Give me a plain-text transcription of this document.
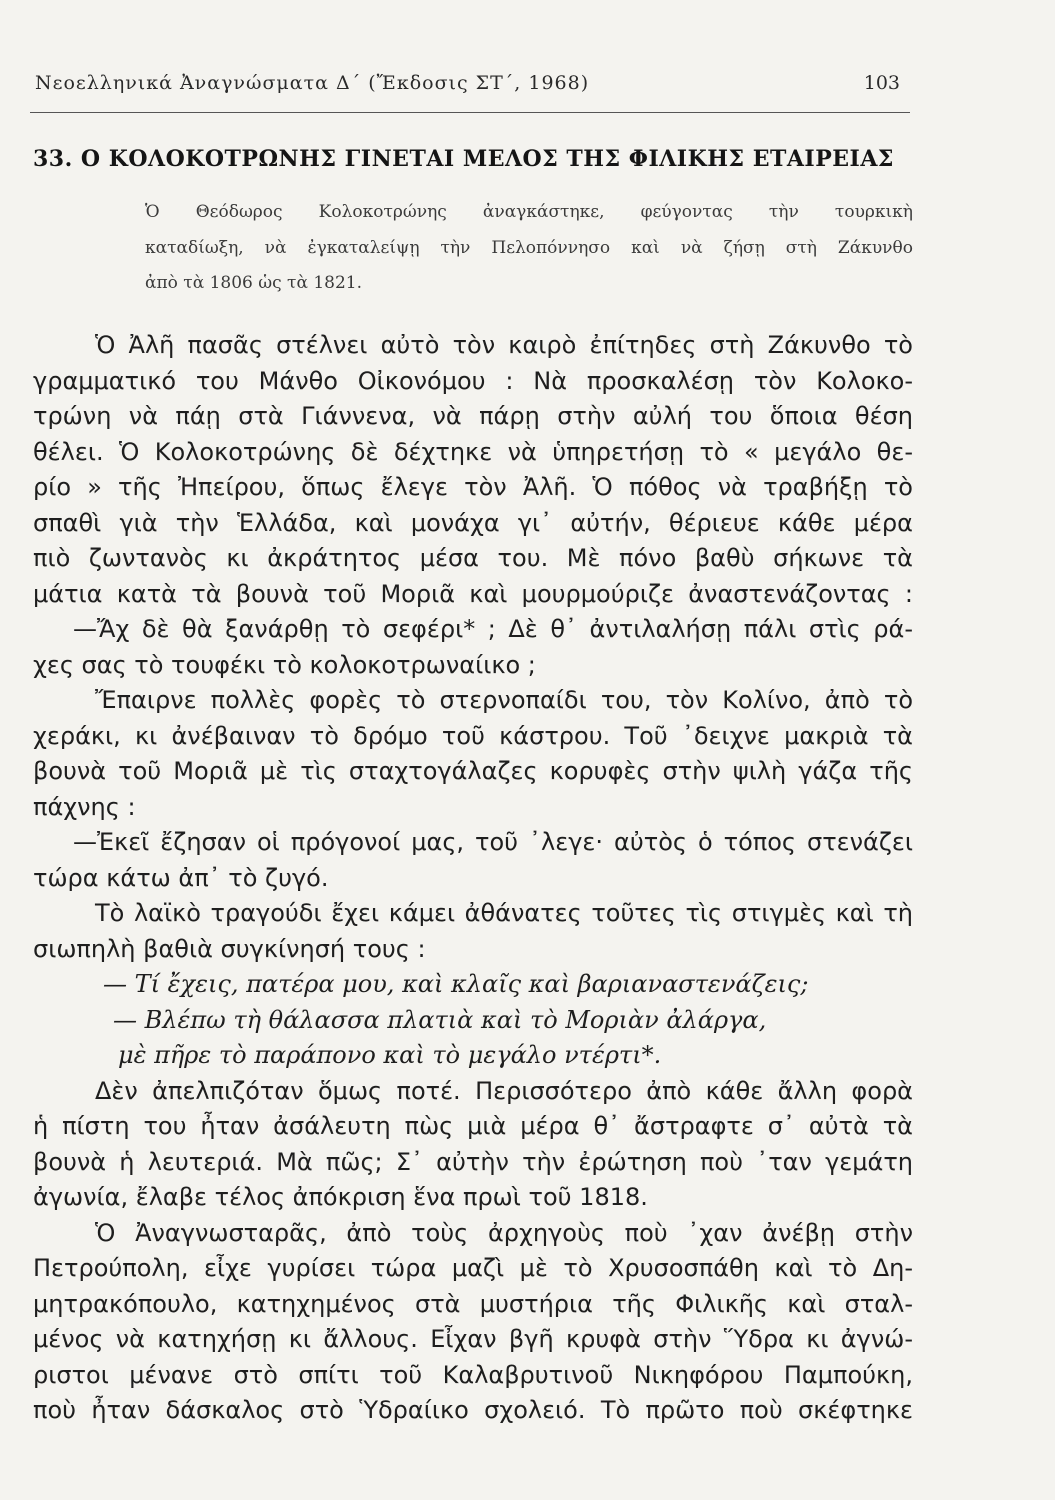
Νεοελληνικά Ἀναγνώσματα Δ΄ (Ἔκδοσις ΣΤ΄, 1968)	103
33. Ο ΚΟΛΟΚΟΤΡΩΝΗΣ ΓΙΝΕΤΑΙ ΜΕΛΟΣ ΤΗΣ ΦΙΛΙΚΗΣ ΕΤΑΙΡΕΙΑΣ
Ὁ Θεόδωρος Κολοκοτρώνης ἀναγκάστηκε, φεύγοντας τὴν τουρκικὴ
καταδίωξη, νὰ ἐγκαταλείψῃ τὴν Πελοπόννησο καὶ νὰ ζήσῃ στὴ Ζάκυνθο
ἀπὸ τὰ 1806 ὡς τὰ 1821.
Ὁ Ἀλῆ πασᾶς στέλνει αὐτὸ τὸν καιρὸ ἐπίτηδες στὴ Ζάκυνθο τὸ
γραμματικό του Μάνθο Οἰκονόμου : Νὰ προσκαλέσῃ τὸν Κολοκο-
τρώνη νὰ πάῃ στὰ Γιάννενα, νὰ πάρῃ στὴν αὐλή του ὅποια θέση
θέλει. Ὁ Κολοκοτρώνης δὲ δέχτηκε νὰ ὑπηρετήσῃ τὸ « μεγάλο θε-
ρίο » τῆς Ἠπείρου, ὅπως ἔλεγε τὸν Ἀλῆ. Ὁ πόθος νὰ τραβήξῃ τὸ
σπαθὶ γιὰ τὴν Ἑλλάδα, καὶ μονάχα γι᾿ αὐτήν, θέριευε κάθε μέρα
πιὸ ζωντανὸς κι ἀκράτητος μέσα του. Μὲ πόνο βαθὺ σήκωνε τὰ
μάτια κατὰ τὰ βουνὰ τοῦ Μοριᾶ καὶ μουρμούριζε ἀναστενάζοντας :
—Ἄχ δὲ θὰ ξανάρθῃ τὸ σεφέρι* ; Δὲ θ᾿ ἀντιλαλήσῃ πάλι στὶς ρά-
χες σας τὸ τουφέκι τὸ κολοκοτρωναίικο ;
Ἔπαιρνε πολλὲς φορὲς τὸ στερνοπαίδι του, τὸν Κολίνο, ἀπὸ τὸ
χεράκι, κι ἀνέβαιναν τὸ δρόμο τοῦ κάστρου. Τοῦ ᾿δειχνε μακριὰ τὰ
βουνὰ τοῦ Μοριᾶ μὲ τὶς σταχτογάλαζες κορυφὲς στὴν ψιλὴ γάζα τῆς
πάχνης :
—Ἐκεῖ ἔζησαν οἱ πρόγονοί μας, τοῦ ᾿λεγε· αὐτὸς ὁ τόπος στενάζει
τώρα κάτω ἀπ᾿ τὸ ζυγό.
Τὸ λαϊκὸ τραγούδι ἔχει κάμει ἀθάνατες τοῦτες τὶς στιγμὲς καὶ τὴ
σιωπηλὴ βαθιὰ συγκίνησή τους :
— Τί ἔχεις, πατέρα μου, καὶ κλαῖς καὶ βαριαναστενάζεις;
— Βλέπω τὴ θάλασσα πλατιὰ καὶ τὸ Μοριὰν ἀλάργα,
μὲ πῆρε τὸ παράπονο καὶ τὸ μεγάλο ντέρτι*.
Δὲν ἀπελπιζόταν ὅμως ποτέ. Περισσότερο ἀπὸ κάθε ἄλλη φορὰ
ἡ πίστη του ἦταν ἀσάλευτη πὼς μιὰ μέρα θ᾿ ἄστραφτε σ᾿ αὐτὰ τὰ
βουνὰ ἡ λευτεριά. Μὰ πῶς; Σ᾿ αὐτὴν τὴν ἐρώτηση ποὺ ᾿ταν γεμάτη
ἀγωνία, ἔλαβε τέλος ἀπόκριση ἕνα πρωὶ τοῦ 1818.
Ὁ Ἀναγνωσταρᾶς, ἀπὸ τοὺς ἀρχηγοὺς ποὺ ᾿χαν ἀνέβῃ στὴν
Πετρούπολη, εἶχε γυρίσει τώρα μαζὶ μὲ τὸ Χρυσοσπάθη καὶ τὸ Δη-
μητρακόπουλο, κατηχημένος στὰ μυστήρια τῆς Φιλικῆς καὶ σταλ-
μένος νὰ κατηχήσῃ κι ἄλλους. Εἶχαν βγῆ κρυφὰ στὴν Ὕδρα κι ἀγνώ-
ριστοι μένανε στὸ σπίτι τοῦ Καλαβρυτινοῦ Νικηφόρου Παμπούκη,
ποὺ ἦταν δάσκαλος στὸ Ὑδραίικο σχολειό. Τὸ πρῶτο ποὺ σκέφτηκε
